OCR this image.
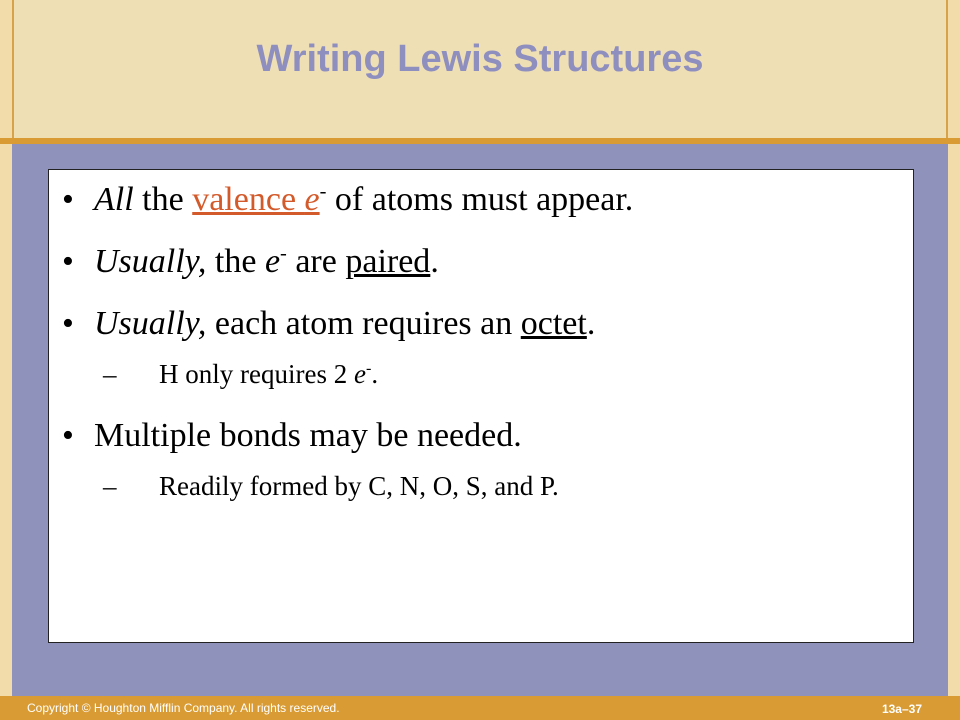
Writing Lewis Structures
• All the valence e- of atoms must appear.
• Usually, the e- are paired.
• Usually, each atom requires an octet.
– H only requires 2 e-.
• Multiple bonds may be needed.
– Readily formed by C, N, O, S, and P.
Copyright © Houghton Mifflin Company. All rights reserved.	13a–37
